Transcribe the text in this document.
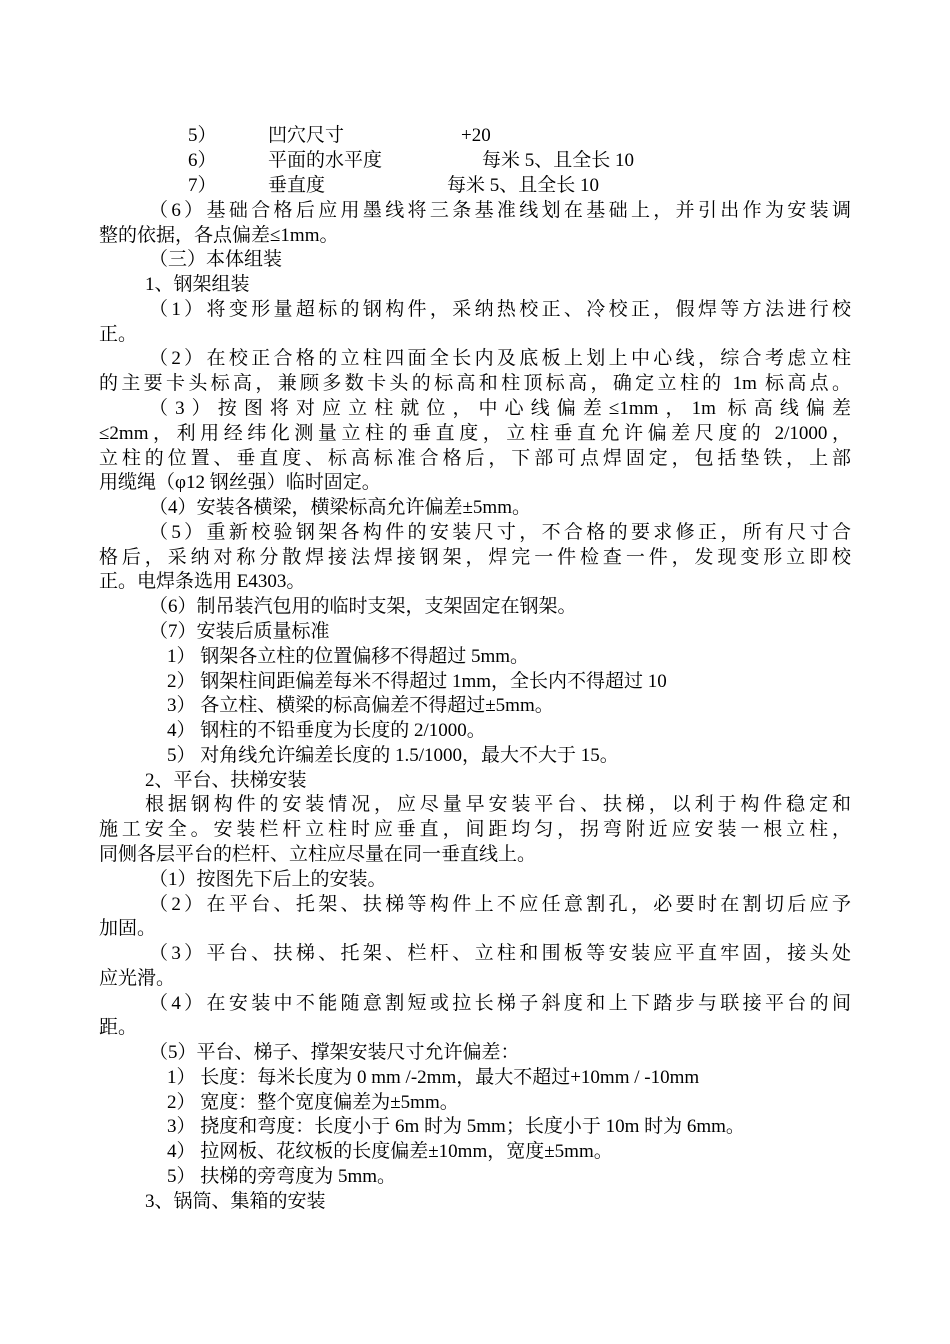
5）	凹穴尺寸	+20
6）	平面的水平度	每米 5、且全长 10
7）	垂直度	每米 5、且全长 10
（6）基础合格后应用墨线将三条基准线划在基础上，并引出作为安装调
整的依据，各点偏差≤1mm。
（三）本体组装
1、钢架组装
（1）将变形量超标的钢构件，采纳热校正、冷校正，假焊等方法进行校
正。
（2）在校正合格的立柱四面全长内及底板上划上中心线，综合考虑立柱
的主要卡头标高，兼顾多数卡头的标高和柱顶标高，确定立柱的 1m 标高点。
（3）按图将对应立柱就位，中心线偏差≤1mm，1m 标高线偏差
≤2mm，利用经纬化测量立柱的垂直度，立柱垂直允许偏差尺度的 2/1000，
立柱的位置、垂直度、标高标准合格后，下部可点焊固定，包括垫铁，上部
用缆绳（φ12 钢丝强）临时固定。
（4）安装各横梁，横梁标高允许偏差±5mm。
（5）重新校验钢架各构件的安装尺寸，不合格的要求修正，所有尺寸合
格后，采纳对称分散焊接法焊接钢架，焊完一件检查一件，发现变形立即校
正。电焊条选用 E4303。
（6）制吊装汽包用的临时支架，支架固定在钢架。
（7）安装后质量标准
1） 钢架各立柱的位置偏移不得超过 5mm。
2） 钢架柱间距偏差每米不得超过 1mm，全长内不得超过 10
3） 各立柱、横梁的标高偏差不得超过±5mm。
4） 钢柱的不铅垂度为长度的 2/1000。
5） 对角线允许编差长度的 1.5/1000，最大不大于 15。
2、平台、扶梯安装
根据钢构件的安装情况，应尽量早安装平台、扶梯，以利于构件稳定和
施工安全。安装栏杆立柱时应垂直，间距均匀，拐弯附近应安装一根立柱，
同侧各层平台的栏杆、立柱应尽量在同一垂直线上。
（1）按图先下后上的安装。
（2）在平台、托架、扶梯等构件上不应任意割孔，必要时在割切后应予
加固。
（3）平台、扶梯、托架、栏杆、立柱和围板等安装应平直牢固，接头处
应光滑。
（4）在安装中不能随意割短或拉长梯子斜度和上下踏步与联接平台的间
距。
（5）平台、梯子、撑架安装尺寸允许偏差：
1） 长度：每米长度为 0 mm /-2mm，最大不超过+10mm / -10mm
2） 宽度：整个宽度偏差为±5mm。
3） 挠度和弯度：长度小于 6m 时为 5mm；长度小于 10m 时为 6mm。
4） 拉网板、花纹板的长度偏差±10mm，宽度±5mm。
5） 扶梯的旁弯度为 5mm。
3、锅筒、集箱的安装
